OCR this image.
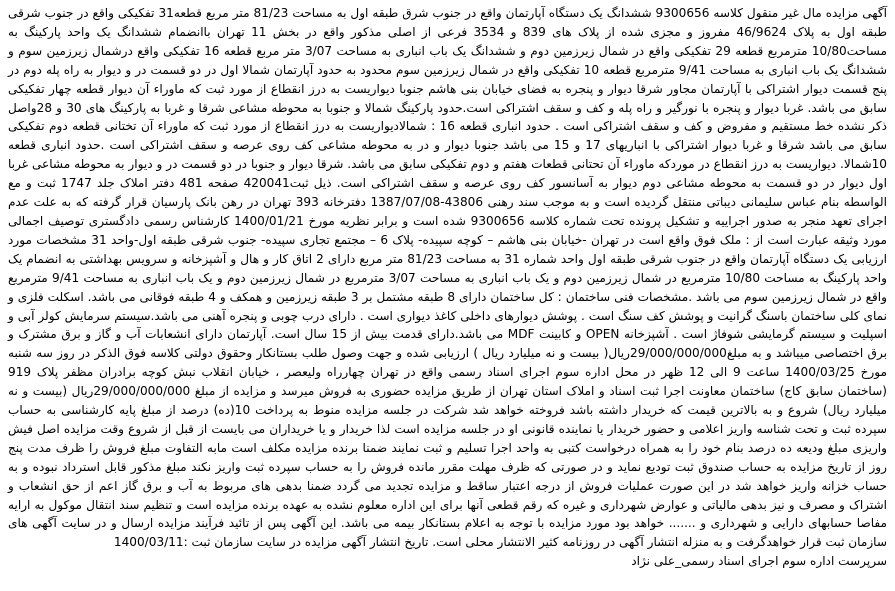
آگهی مزایده مال غیر منقول کلاسه 9300656 ششدانگ یک دستگاه آپارتمان واقع در جنوب شرق طبقه اول به مساحت 81/23 متر مربع قطعه31 تفکیکی واقع در جنوب شرقی طبقه اول به پلاک 46/9624 مفروز و مجزی شده از پلاک های 839 و 3534 فرعی از اصلی مذکور واقع در بخش 11 تهران باانضمام ششدانگ یک واحد پارکینگ به مساحت10/80 مترمربع قطعه 29 تفکیکی واقع در شمال زیرزمین دوم و ششدانگ یک باب انباری به مساحت 3/07 متر مربع قطعه 16 تفکیکی واقع درشمال زیرزمین سوم و ششدانگ یک باب انباری به مساحت 9/41 مترمربع قطعه 10 تفکیکی واقع در شمال زیرزمین سوم محدود به حدود آپارتمان شمالا اول در دو قسمت در و دیوار به راه پله دوم در پنج قسمت دیوار اشتراکی با آپارتمان مجاور شرقا دیوار و پنجره به فضای خیابان بنی هاشم جنوبا دیواریست به درز انقطاع از مورد ثبت که ماوراء آن دیوار قطعه چهار تفکیکی سابق می باشد. غربا دیوار و پنجره با نورگیر و راه پله و کف و سقف اشتراکی است.حدود پارکینگ شمالا و جنوبا به محوطه مشاعی شرقا و غربا به پارکینگ های 30 و 28واصل ذکر نشده خط مستقیم و مفروض و کف و سقف اشتراکی است . حدود انباری قطعه 16 : شمالادیواریست به درز انقطاع از مورد ثبت که ماوراء آن تختانی قطعه دوم تفکیکی سابق می باشد شرقا و غربا دیوار اشتراکی با انباریهای 17 و 15 می باشد جنوبا دیوار و در به محوطه مشاعی کف روی عرصه و سقف اشتراکی است .حدود انباری قطعه 10شمالا. دیواریست به درز انقطاع در موردکه ماوراء آن تحتانی قطعات هفتم و دوم تفکیکی سابق می باشد. شرقا دیوار و جنوبا در دو قسمت در و دیوار به محوطه مشاعی غربا اول دیوار در دو قسمت به محوطه مشاعی دوم دیوار به آسانسور کف روی عرصه و سقف اشتراکی است. ذیل ثبت420041 صفحه 481 دفتر املاک جلد 1747 ثبت و مع الواسطه بنام عباس سلیمانی دیباتی منتقل گردیده است و به موجب سند رهنی 43806-1387/07/08 دفترخانه 393 تهران در رهن بانک پارسیان قرار گرفته که به علت عدم اجرای تعهد منجر به صدور اجراییه و تشکیل پرونده تحت شماره کلاسه 9300656 شده است و برابر نظریه مورخ 1400/01/21 کارشناس رسمی دادگستری توصیف اجمالی مورد وثیقه عبارت است از : ملک فوق واقع است در تهران -خیابان بنی هاشم – کوچه سپیده- پلاک 6 – مجتمع تجاری سپیده- جنوب شرقی طبقه اول-واحد 31 مشخصات مورد ارزیابی یک دستگاه آپارتمان واقع در جنوب شرقی طبقه اول واحد شماره 31 به مساحت 81/23 متر مربع دارای 2 اتاق کار و هال و آشپزخانه و سرویس بهداشتی به انضمام یک واحد پارکینگ به مساحت 10/80 مترمربع در شمال زیرزمین دوم و یک باب انباری به مساحت 3/07 مترمربع در شمال زیرزمین دوم و یک باب انباری به مساحت 9/41 مترمربع واقع در شمال زیرزمین سوم می باشد .مشخصات فنی ساختمان : کل ساختمان دارای 8 طبقه مشتمل بر 3 طبقه زیرزمین و همکف و 4 طبقه فوقانی می باشد. اسکلت فلزی و نمای کلی ساختمان باسنگ گرانیت و پوشش کف سنگ است . پوشش دیوارهای داخلی کاغذ دیواری است . دارای درب چوبی و پنجره آهنی می باشد.سیستم سرمایش کولر آبی و اسپلیت و سیستم گرمایشی شوفاژ است . آشپزخانه OPEN و کابینت MDF می باشد.دارای قدمت بیش از 15 سال است. آپارتمان دارای انشعابات آب و گاز و برق مشترک و برق اختصاصی میباشد و به مبلغ29/000/000/000ریال( بیست و نه میلیارد ریال ) ارزیابی شده و جهت وصول طلب بستانکار وحقوق دولتی کلاسه فوق الذکر در روز سه شنبه مورخ 1400/03/25 ساعت 9 الی 12 ظهر در محل اداره سوم اجرای اسناد رسمی واقع در تهران چهارراه ولیعصر ، خیابان انقلاب نبش کوچه برادران مظفر پلاک 919 (ساختمان سابق کاج) ساختمان معاونت اجرا ثبت اسناد و املاک استان تهران از طریق مزایده حضوری به فروش میرسد و مزایده از مبلغ 29/000/000/000ریال (بیست و نه میلیارد ریال) شروع و به بالاترین قیمت که خریدار داشته باشد فروخته خواهد شد شرکت در جلسه مزایده منوط به پرداخت 10(ده) درصد از مبلغ پایه کارشناسی به حساب سپرده ثبت و تحت شناسه واریز اعلامی و حضور خریدار یا نماینده قانونی او در جلسه مزایده است لذا خریدار و یا خریداران می بایست از قبل از شروع وقت مزایده اصل فیش واریزی مبلغ ودیعه ده درصد بنام خود را به همراه درخواست کتبی به واحد اجرا تسلیم و ثبت نمایند ضمنا برنده مزایده مکلف است مابه التفاوت مبلغ فروش را ظرف مدت پنج روز از تاریخ مزایده به حساب صندوق ثبت تودیع نماید و در صورتی که ظرف مهلت مقرر مانده فروش را به حساب سپرده ثبت واریز نکند مبلغ مذکور قابل استرداد نبوده و به حساب خزانه واریز خواهد شد در این صورت عملیات فروش از درجه اعتبار ساقط و مزایده تجدید می گردد ضمنا بدهی های مربوط به آب و برق گاز اعم از حق انشعاب و اشتراک و مصرف و نیز بدهی مالیاتی و عوارض شهرداری و غیره که رقم قطعی آنها برای این اداره معلوم نشده به عهده برنده مزایده است و تنظیم سند انتقال موکول به ارایه مفاصا حسابهای دارایی و شهرداری و ....... خواهد بود مورد مزایده با توجه به اعلام بستانکار بیمه می باشد. این آگهی پس از تائید فرآیند مزایده ارسال و در سایت آگهی های سازمان ثبت قرار خواهدگرفت و به منزله انتشار آگهی در روزنامه کثیر الانتشار محلی است. تاریخ انتشار آگهی مزایده در سایت سازمان ثبت :1400/03/11

سرپرست اداره سوم اجرای اسناد رسمی_علی نژاد
